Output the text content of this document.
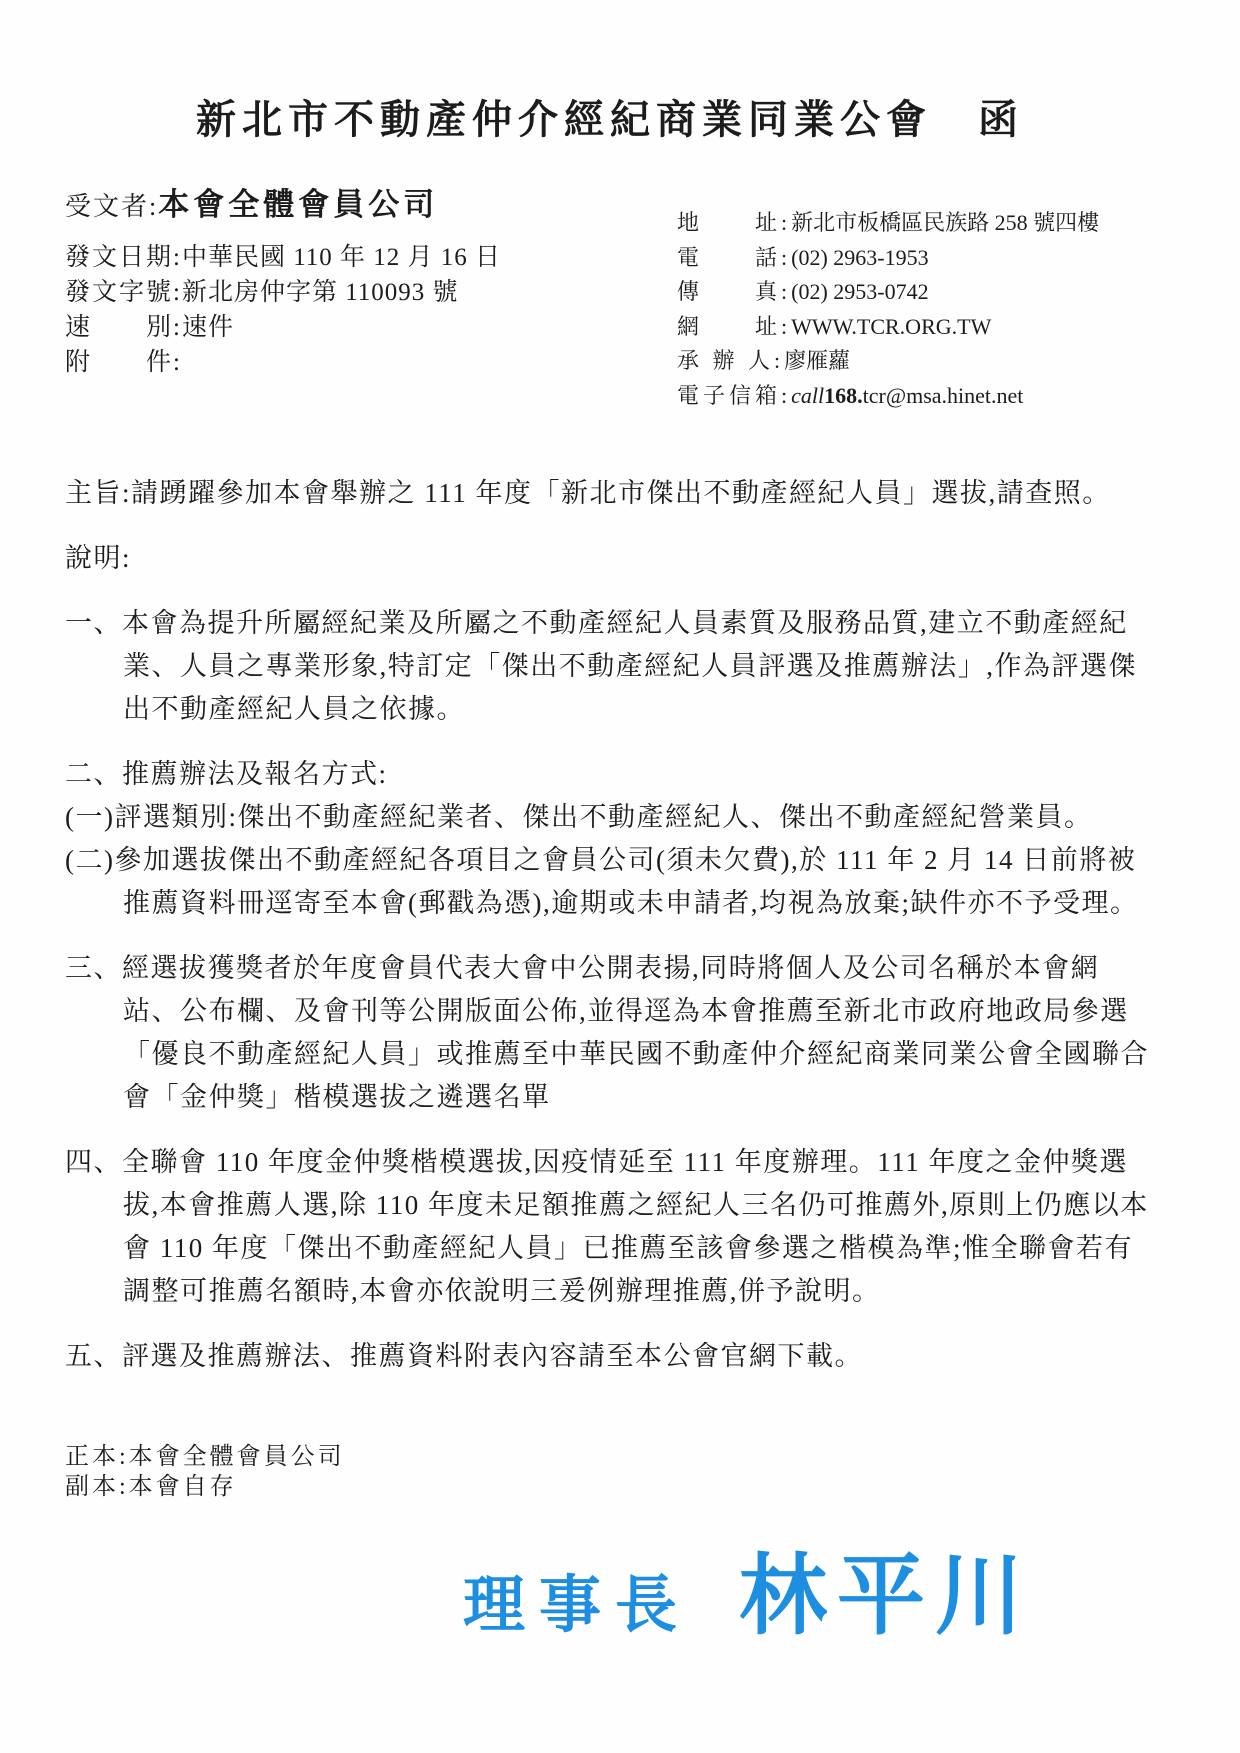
新北市不動產仲介經紀商業同業公會 函
受文者:本會全體會員公司
發文日期:中華民國 110 年 12 月 16 日
發文字號:新北房仲字第 110093 號
速　　別:速件
附　　件:
地　　址:新北市板橋區民族路 258 號四樓
電　　話:(02) 2963-1953
傳　　真:(02) 2953-0742
網　　址:WWW.TCR.ORG.TW
承 辦 人:廖雁蘿
電子信箱:call168.tcr@msa.hinet.net

主旨:請踴躍參加本會舉辦之 111 年度「新北市傑出不動產經紀人員」選拔,請查照。

說明:

一、本會為提升所屬經紀業及所屬之不動產經紀人員素質及服務品質,建立不動產經紀業、人員之專業形象,特訂定「傑出不動產經紀人員評選及推薦辦法」,作為評選傑出不動產經紀人員之依據。

二、推薦辦法及報名方式:

(一)評選類別:傑出不動產經紀業者、傑出不動產經紀人、傑出不動產經紀營業員。

(二)參加選拔傑出不動產經紀各項目之會員公司(須未欠費),於 111 年 2 月 14 日前將被推薦資料冊逕寄至本會(郵戳為憑),逾期或未申請者,均視為放棄;缺件亦不予受理。

三、經選拔獲獎者於年度會員代表大會中公開表揚,同時將個人及公司名稱於本會網站、公布欄、及會刊等公開版面公佈,並得逕為本會推薦至新北市政府地政局參選「優良不動產經紀人員」或推薦至中華民國不動產仲介經紀商業同業公會全國聯合會「金仲獎」楷模選拔之遴選名單

四、全聯會 110 年度金仲獎楷模選拔,因疫情延至 111 年度辦理。111 年度之金仲獎選拔,本會推薦人選,除 110 年度未足額推薦之經紀人三名仍可推薦外,原則上仍應以本會 110 年度「傑出不動產經紀人員」已推薦至該會參選之楷模為準;惟全聯會若有調整可推薦名額時,本會亦依說明三爰例辦理推薦,併予說明。

五、評選及推薦辦法、推薦資料附表內容請至本公會官網下載。

正本:本會全體會員公司

副本:本會自存

理事長 林平川
